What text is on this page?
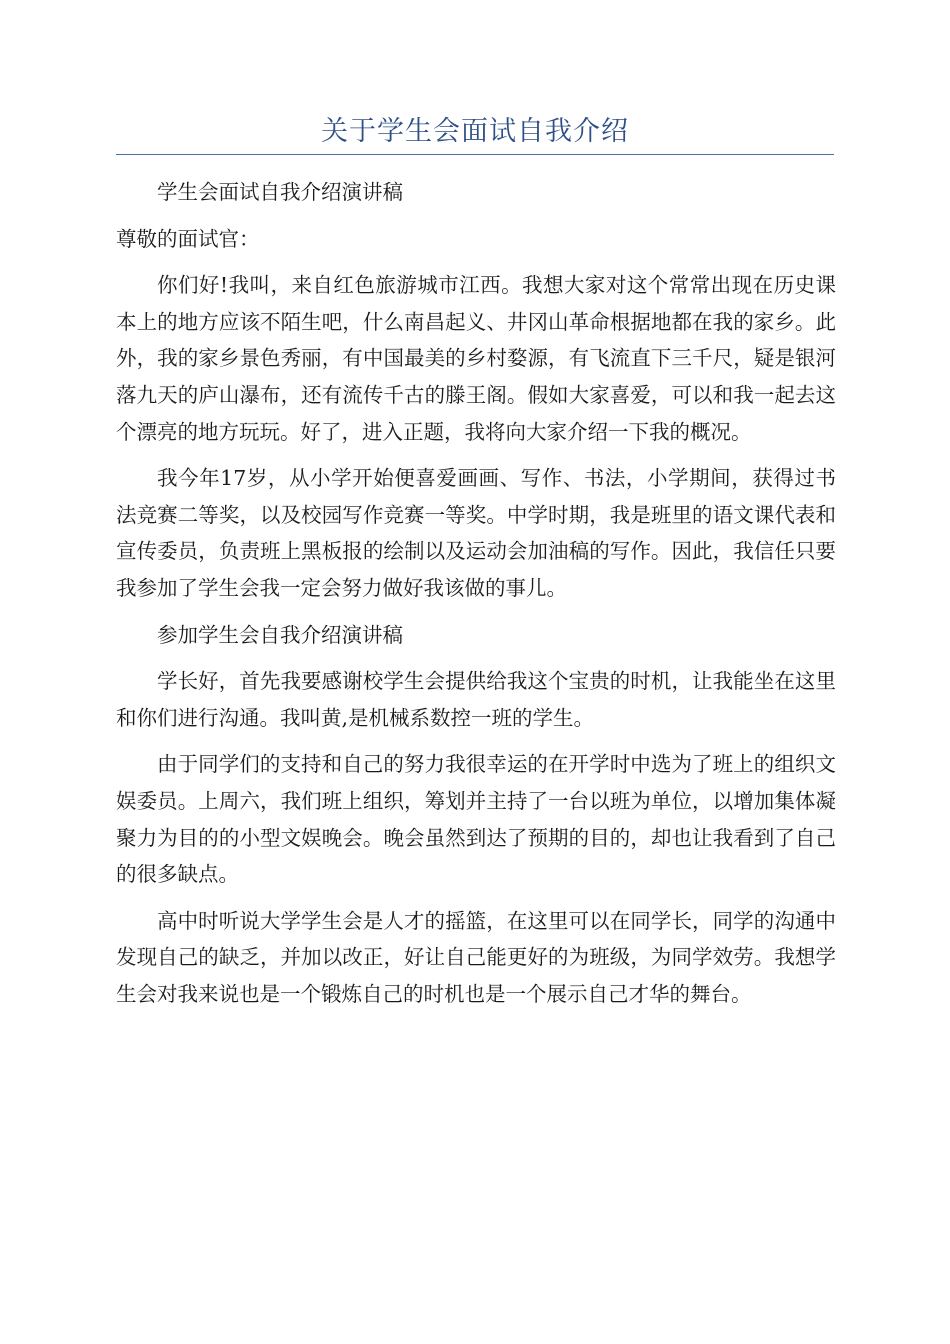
关于学生会面试自我介绍

学生会面试自我介绍演讲稿

尊敬的面试官：

你们好!我叫，来自红色旅游城市江西。我想大家对这个常常出现在历史课本上的地方应该不陌生吧，什么南昌起义、井冈山革命根据地都在我的家乡。此外，我的家乡景色秀丽，有中国最美的乡村婺源，有飞流直下三千尺，疑是银河落九天的庐山瀑布，还有流传千古的滕王阁。假如大家喜爱，可以和我一起去这个漂亮的地方玩玩。好了，进入正题，我将向大家介绍一下我的概况。

我今年17岁，从小学开始便喜爱画画、写作、书法，小学期间，获得过书法竞赛二等奖，以及校园写作竞赛一等奖。中学时期，我是班里的语文课代表和宣传委员，负责班上黑板报的绘制以及运动会加油稿的写作。因此，我信任只要我参加了学生会我一定会努力做好我该做的事儿。

参加学生会自我介绍演讲稿

学长好，首先我要感谢校学生会提供给我这个宝贵的时机，让我能坐在这里和你们进行沟通。我叫黄,是机械系数控一班的学生。

由于同学们的支持和自己的努力我很幸运的在开学时中选为了班上的组织文娱委员。上周六，我们班上组织，筹划并主持了一台以班为单位，以增加集体凝聚力为目的的小型文娱晚会。晚会虽然到达了预期的目的，却也让我看到了自己的很多缺点。

高中时听说大学学生会是人才的摇篮，在这里可以在同学长，同学的沟通中发现自己的缺乏，并加以改正，好让自己能更好的为班级，为同学效劳。我想学生会对我来说也是一个锻炼自己的时机也是一个展示自己才华的舞台。
